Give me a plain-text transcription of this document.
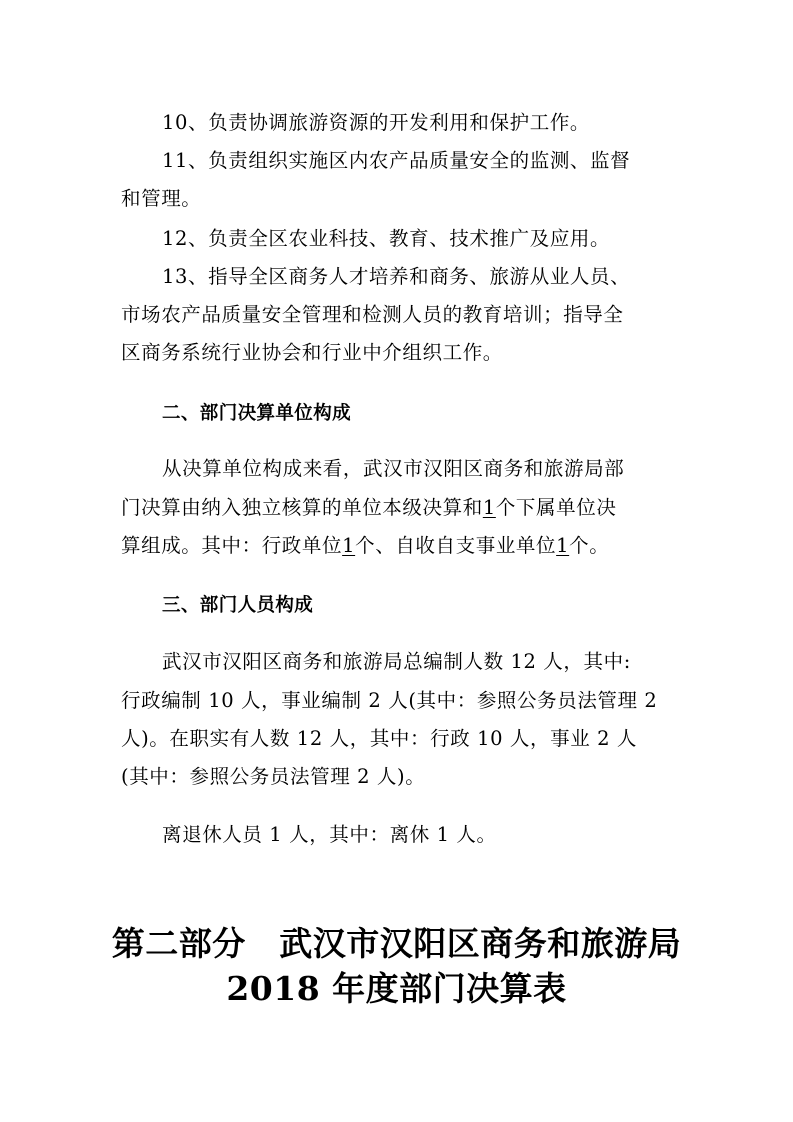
10、负责协调旅游资源的开发利用和保护工作。
11、负责组织实施区内农产品质量安全的监测、监督
和管理。
12、负责全区农业科技、教育、技术推广及应用。
13、指导全区商务人才培养和商务、旅游从业人员、
市场农产品质量安全管理和检测人员的教育培训；指导全
区商务系统行业协会和行业中介组织工作。
二、部门决算单位构成
从决算单位构成来看，武汉市汉阳区商务和旅游局部
门决算由纳入独立核算的单位本级决算和1个下属单位决
算组成。其中：行政单位1个、自收自支事业单位1个。
三、部门人员构成
武汉市汉阳区商务和旅游局总编制人数 12 人，其中:
行政编制 10 人，事业编制 2 人(其中：参照公务员法管理 2
人)。在职实有人数 12 人，其中：行政 10 人，事业 2 人
(其中：参照公务员法管理 2 人)。
离退休人员 1 人，其中：离休 1 人。
第二部分　武汉市汉阳区商务和旅游局
2018 年度部门决算表
